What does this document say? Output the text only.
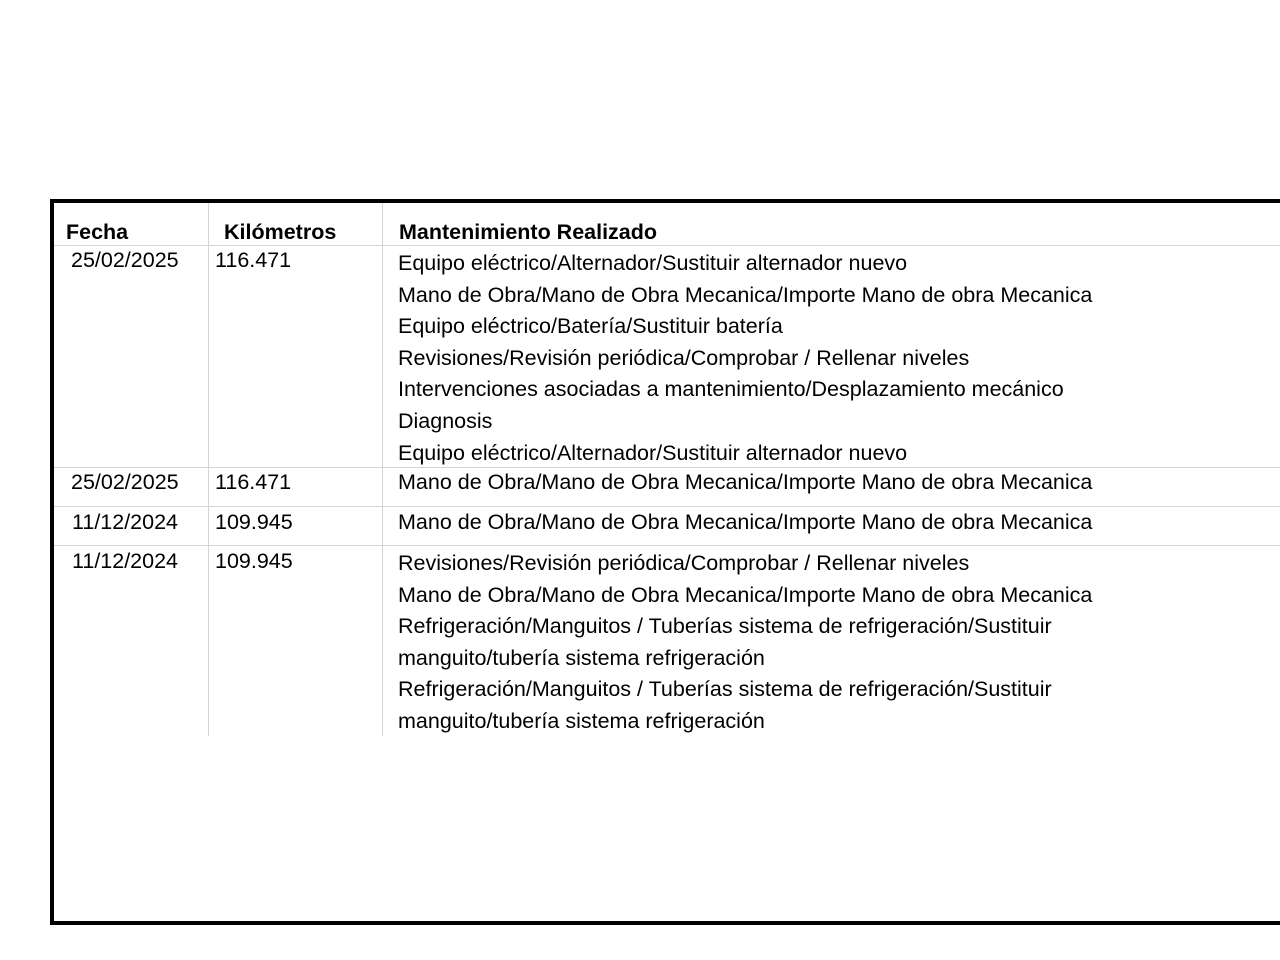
Fecha	Kilómetros	Mantenimiento Realizado
25/02/2025 116.471	Equipo eléctrico/Alternador/Sustituir alternador nuevo
Mano de Obra/Mano de Obra Mecanica/Importe Mano de obra Mecanica
Equipo eléctrico/Batería/Sustituir batería
Revisiones/Revisión periódica/Comprobar / Rellenar niveles
Intervenciones asociadas a mantenimiento/Desplazamiento mecánico
Diagnosis
Equipo eléctrico/Alternador/Sustituir alternador nuevo
25/02/2025 116.471	Mano de Obra/Mano de Obra Mecanica/Importe Mano de obra Mecanica
11/12/2024 109.945	Mano de Obra/Mano de Obra Mecanica/Importe Mano de obra Mecanica
11/12/2024 109.945	Revisiones/Revisión periódica/Comprobar / Rellenar niveles
Mano de Obra/Mano de Obra Mecanica/Importe Mano de obra Mecanica
Refrigeración/Manguitos / Tuberías sistema de refrigeración/Sustituir
manguito/tubería sistema refrigeración
Refrigeración/Manguitos / Tuberías sistema de refrigeración/Sustituir
manguito/tubería sistema refrigeración
